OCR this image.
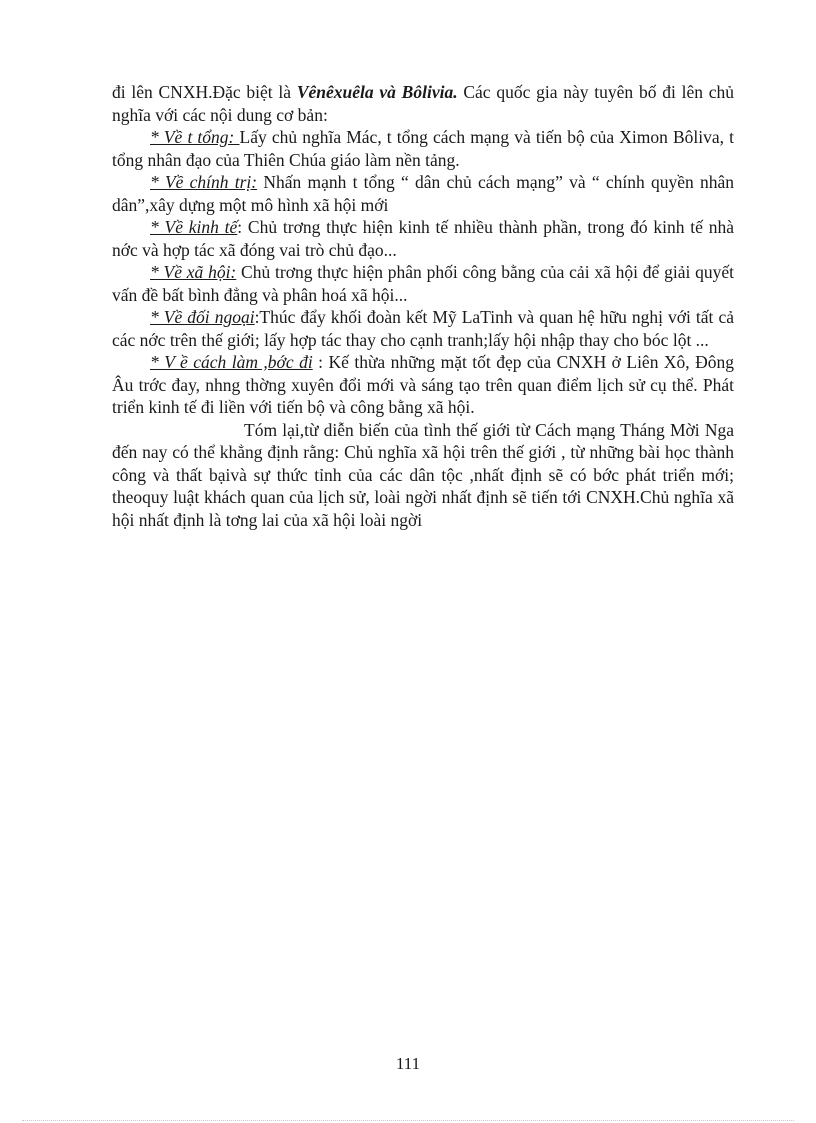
đi lên CNXH.Đặc biệt là Vênêxuêla và Bôlivia. Các quốc gia này tuyên bố đi lên chủ nghĩa với các nội dung cơ bản:

* Về t tổng: Lấy chủ nghĩa Mác, t tổng cách mạng và tiến bộ của Ximon Bôliva, t tổng nhân đạo của Thiên Chúa giáo làm nền tảng.

* Về chính trị: Nhấn mạnh t tổng “ dân chủ cách mạng” và “ chính quyền nhân dân”,xây dựng một mô hình xã hội mới

* Về kinh tế: Chủ trơng thực hiện kinh tế nhiều thành phần, trong đó kinh tế nhà nớc và hợp tác xã đóng vai trò chủ đạo...

* Về xã hội: Chủ trơng thực hiện phân phối công bằng của cải xã hội để giải quyết vấn đề bất bình đẳng và phân hoá xã hội...

* Về đối ngoại:Thúc đẩy khối đoàn kết Mỹ LaTinh và quan hệ hữu nghị với tất cả các nớc trên thế giới; lấy hợp tác thay cho cạnh tranh;lấy hội nhập thay cho bóc lột ...

* V ề cách làm ,bớc đi : Kế thừa những mặt tốt đẹp của CNXH ở Liên Xô, Đông Âu trớc đay, nhng thờng xuyên đổi mới và sáng tạo trên quan điểm lịch sử cụ thể. Phát triển kinh tế đi liền với tiến bộ và công bằng xã hội.

Tóm lại,từ diễn biến của tình thế giới từ Cách mạng Tháng Mời Nga đến nay có thể khẳng định rằng: Chủ nghĩa xã hội trên thế giới , từ những bài học thành công và thất bạivà sự thức tỉnh của các dân tộc ,nhất định sẽ có bớc phát triển mới; theoquy luật khách quan của lịch sử, loài ngời nhất định sẽ tiến tới CNXH.Chủ nghĩa xã hội nhất định là tơng lai của xã hội loài ngời

111
